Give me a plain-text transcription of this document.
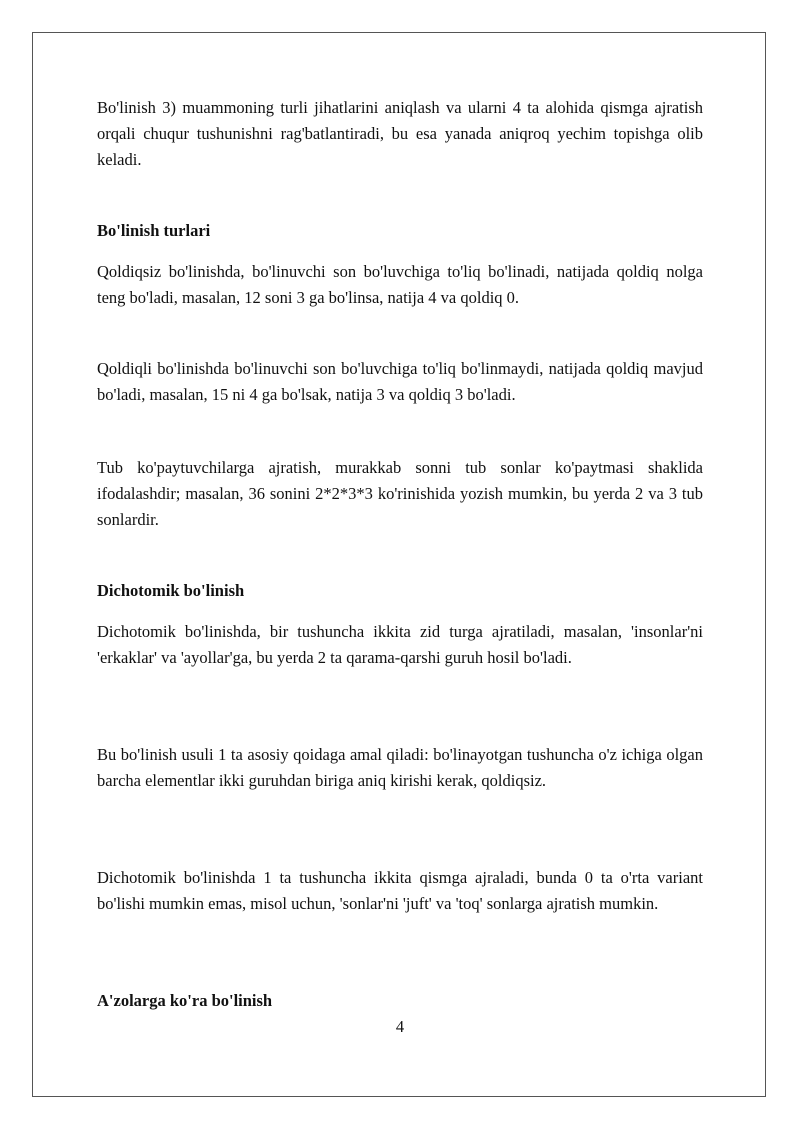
Bo'linish 3) muammoning turli jihatlarini aniqlash va ularni 4 ta alohida qismga ajratish orqali chuqur tushunishni rag'batlantiradi, bu esa yanada aniqroq yechim topishga olib keladi.

Bo'linish turlari

Qoldiqsiz bo'linishda, bo'linuvchi son bo'luvchiga to'liq bo'linadi, natijada qoldiq nolga teng bo'ladi, masalan, 12 soni 3 ga bo'linsa, natija 4 va qoldiq 0.

Qoldiqli bo'linishda bo'linuvchi son bo'luvchiga to'liq bo'linmaydi, natijada qoldiq mavjud bo'ladi, masalan, 15 ni 4 ga bo'lsak, natija 3 va qoldiq 3 bo'ladi.

Tub ko'paytuvchilarga ajratish, murakkab sonni tub sonlar ko'paytmasi shaklida ifodalashdir; masalan, 36 sonini 2*2*3*3 ko'rinishida yozish mumkin, bu yerda 2 va 3 tub sonlardir.

Dichotomik bo'linish

Dichotomik bo'linishda, bir tushuncha ikkita zid turga ajratiladi, masalan, 'insonlar'ni 'erkaklar' va 'ayollar'ga, bu yerda 2 ta qarama-qarshi guruh hosil bo'ladi.

Bu bo'linish usuli 1 ta asosiy qoidaga amal qiladi: bo'linayotgan tushuncha o'z ichiga olgan barcha elementlar ikki guruhdan biriga aniq kirishi kerak, qoldiqsiz.

Dichotomik bo'linishda 1 ta tushuncha ikkita qismga ajraladi, bunda 0 ta o'rta variant bo'lishi mumkin emas, misol uchun, 'sonlar'ni 'juft' va 'toq' sonlarga ajratish mumkin.

A'zolarga ko'ra bo'linish
4
